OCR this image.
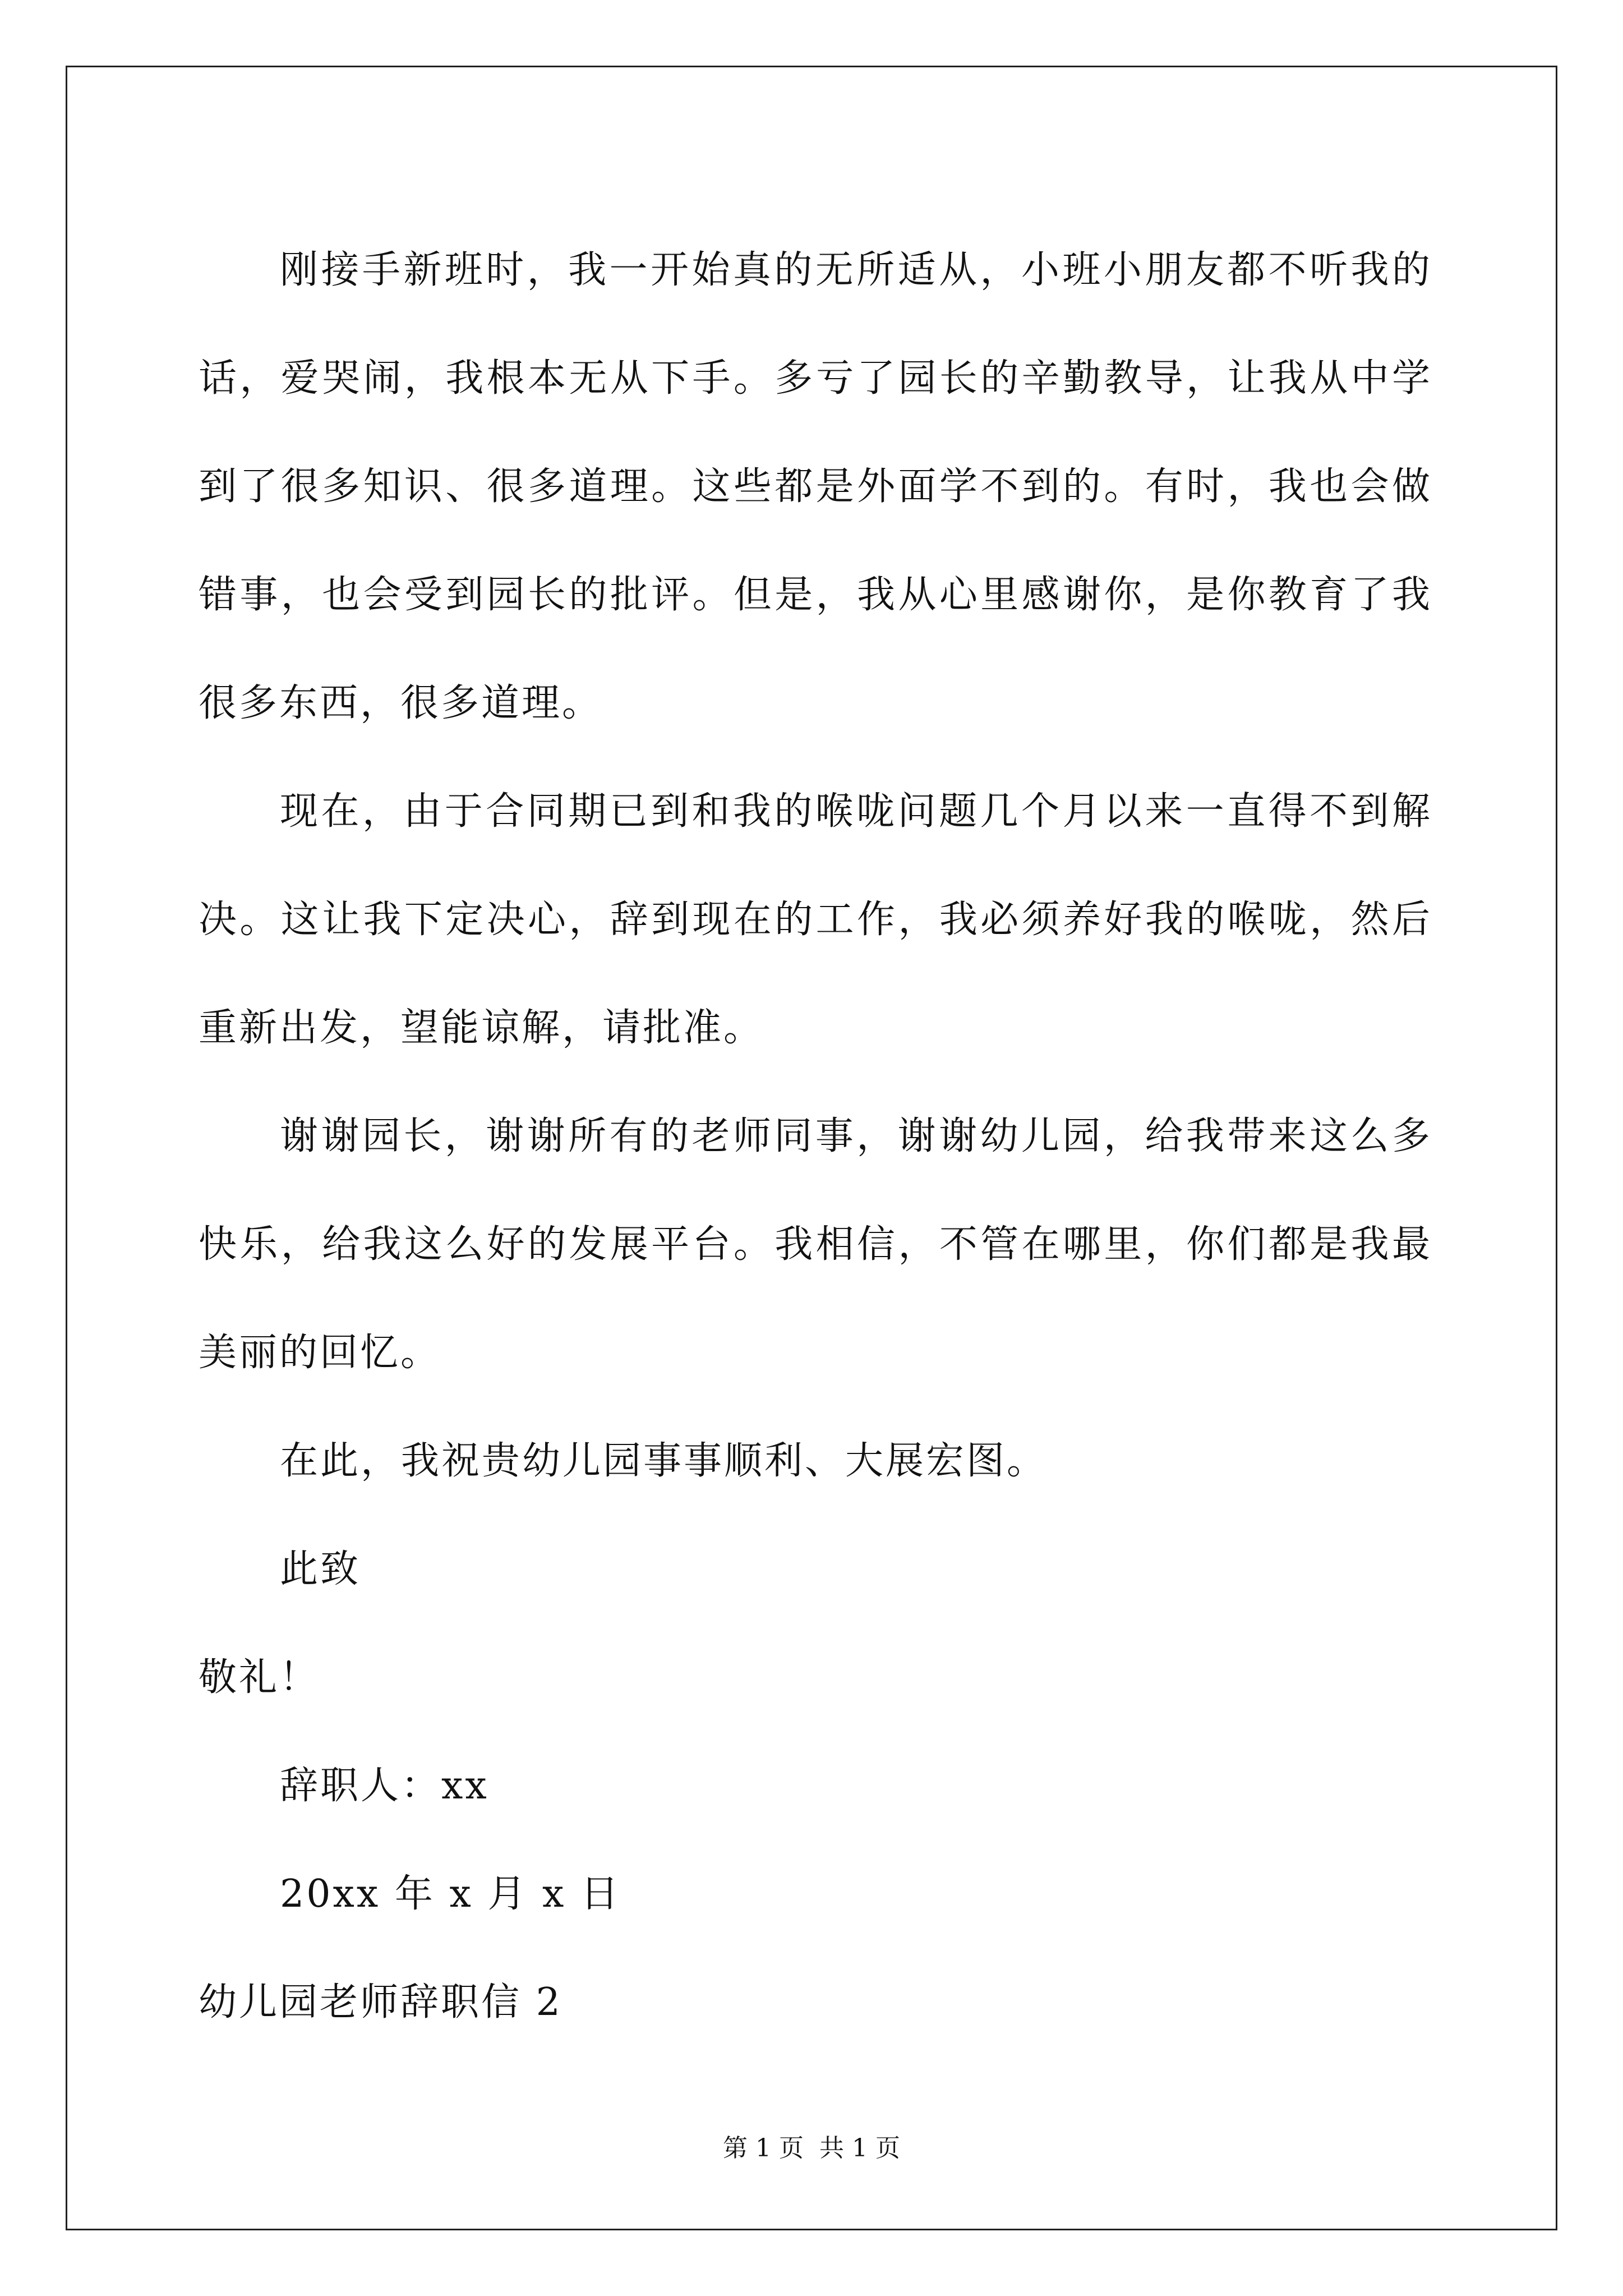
刚接手新班时，我一开始真的无所适从，小班小朋友都不听我的话，爱哭闹，我根本无从下手。多亏了园长的辛勤教导，让我从中学到了很多知识、很多道理。这些都是外面学不到的。有时，我也会做错事，也会受到园长的批评。但是，我从心里感谢你，是你教育了我很多东西，很多道理。

现在，由于合同期已到和我的喉咙问题几个月以来一直得不到解决。这让我下定决心，辞到现在的工作，我必须养好我的喉咙，然后重新出发，望能谅解，请批准。

谢谢园长，谢谢所有的老师同事，谢谢幼儿园，给我带来这么多快乐，给我这么好的发展平台。我相信，不管在哪里，你们都是我最美丽的回忆。

在此，我祝贵幼儿园事事顺利、大展宏图。

此致

敬礼！

辞职人：xx

20xx 年 x 月 x 日

幼儿园老师辞职信 2

第 1 页 共 1 页
